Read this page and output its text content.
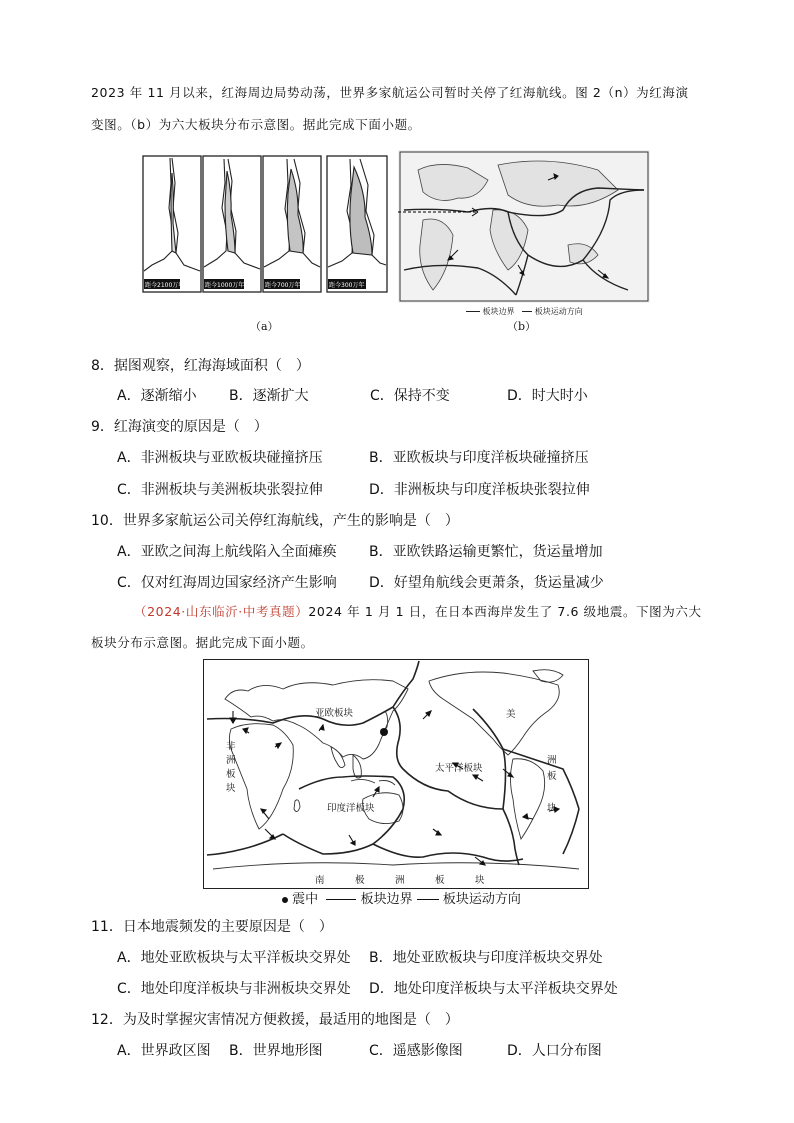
2023 年 11 月以来，红海周边局势动荡，世界多家航运公司暂时关停了红海航线。图 2（n）为红海演
变图。（b）为六大板块分布示意图。据此完成下面小题。
距今2100万年	距今1000万年	距今700万年	距今300万年
板块边界	板块运动方向
（a）	（b）
8．据图观察，红海海域面积（　）
A．逐渐缩小 B．逐渐扩大	C．保持不变	D．时大时小
9．红海演变的原因是（　）
A．非洲板块与亚欧板块碰撞挤压	B．亚欧板块与印度洋板块碰撞挤压
C．非洲板块与美洲板块张裂拉伸	D．非洲板块与印度洋板块张裂拉伸
10．世界多家航运公司关停红海航线，产生的影响是（　）
A．亚欧之间海上航线陷入全面瘫痪 B．亚欧铁路运输更繁忙，货运量增加
C．仅对红海周边国家经济产生影响 D．好望角航线会更萧条，货运量减少
（2024·山东临沂·中考真题）2024 年 1 月 1 日，在日本西海岸发生了 7.6 级地震。下图为六大
板块分布示意图。据此完成下面小题。
亚欧板块
太平洋板块
印度洋板块
非
洲
板
块
美
洲
板
块
南	极	洲	板	块
震中	板块边界 板块运动方向
11．日本地震频发的主要原因是（　）
A．地处亚欧板块与太平洋板块交界处 B．地处亚欧板块与印度洋板块交界处
C．地处印度洋板块与非洲板块交界处 D．地处印度洋板块与太平洋板块交界处
12．为及时掌握灾害情况方便救援，最适用的地图是（　）
A．世界政区图 B．世界地形图	C．遥感影像图	D．人口分布图
